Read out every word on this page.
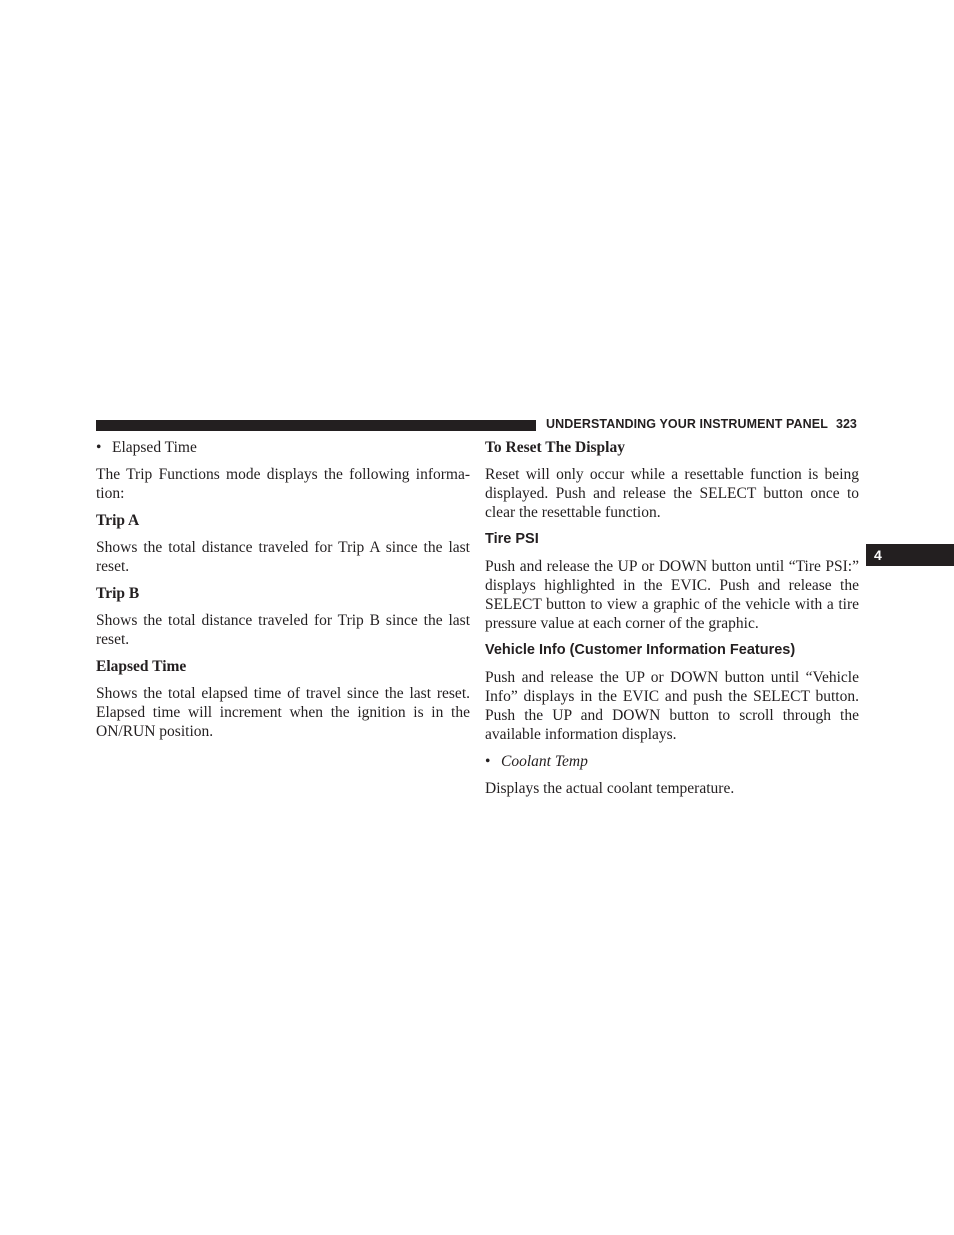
UNDERSTANDING YOUR INSTRUMENT PANEL 323
4

• Elapsed Time

The Trip Functions mode displays the following informa-tion:

Trip A

Shows the total distance traveled for Trip A since the last reset.

Trip B

Shows the total distance traveled for Trip B since the last reset.

Elapsed Time

Shows the total elapsed time of travel since the last reset. Elapsed time will increment when the ignition is in the ON/RUN position.

To Reset The Display

Reset will only occur while a resettable function is being displayed. Push and release the SELECT button once to clear the resettable function.

Tire PSI

Push and release the UP or DOWN button until “Tire PSI:” displays highlighted in the EVIC. Push and release the SELECT button to view a graphic of the vehicle with a tire pressure value at each corner of the graphic.

Vehicle Info (Customer Information Features)

Push and release the UP or DOWN button until “Vehicle Info” displays in the EVIC and push the SELECT button. Push the UP and DOWN button to scroll through the available information displays.

• Coolant Temp

Displays the actual coolant temperature.
